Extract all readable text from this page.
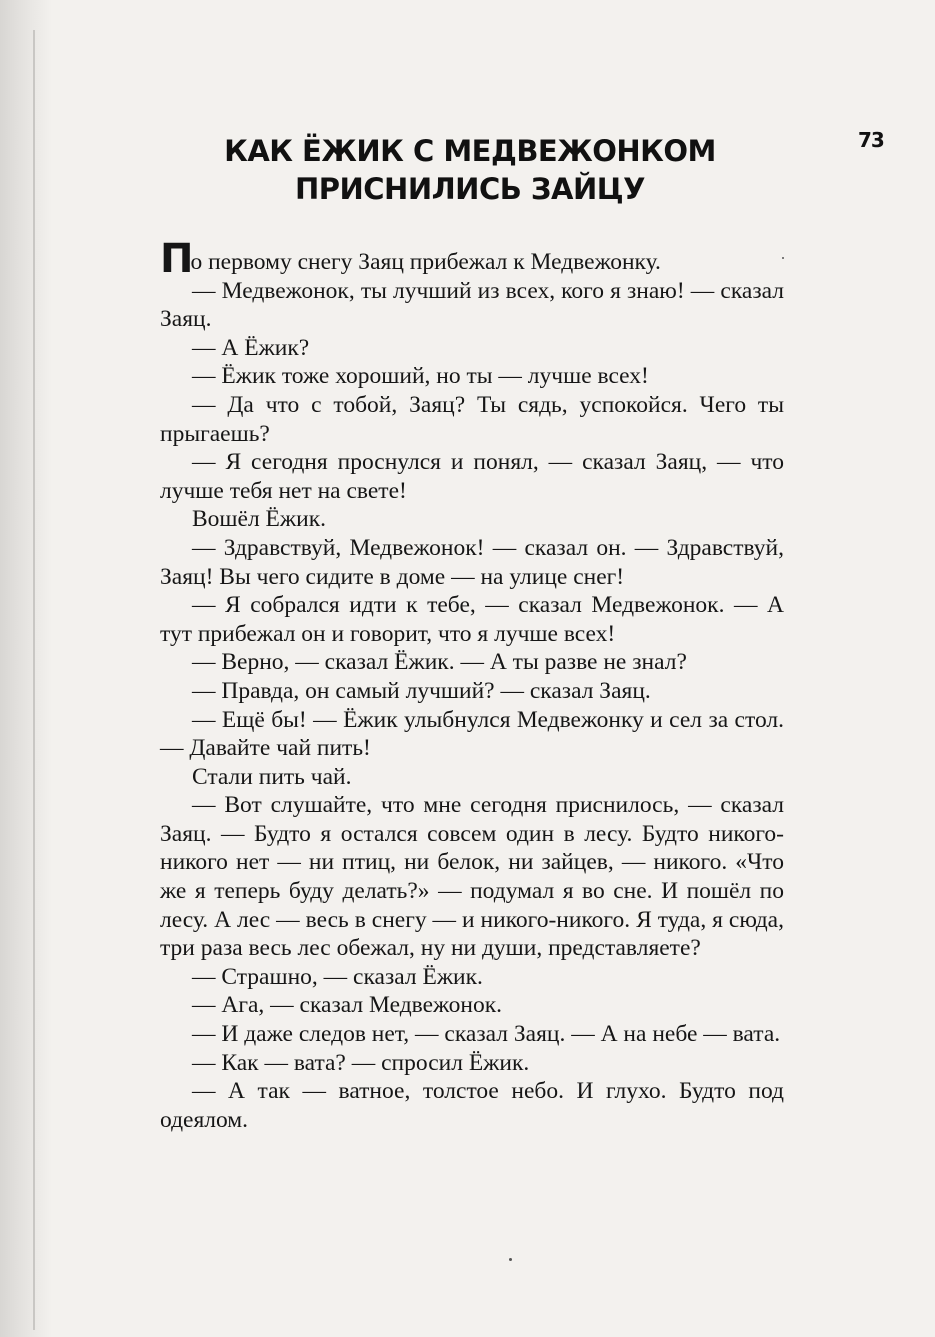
73
КАК ЁЖИК С МЕДВЕЖОНКОМ
ПРИСНИЛИСЬ ЗАЙЦУ

По первому снегу Заяц прибежал к Медвежонку.

— Медвежонок, ты лучший из всех, кого я знаю! — сказал Заяц.

— А Ёжик?

— Ёжик тоже хороший, но ты — лучше всех!

— Да что с тобой, Заяц? Ты сядь, успокойся. Чего ты прыгаешь?

— Я сегодня проснулся и понял, — сказал Заяц, — что лучше тебя нет на свете!

Вошёл Ёжик.

— Здравствуй, Медвежонок! — сказал он. — Здравствуй, Заяц! Вы чего сидите в доме — на улице снег!

— Я собрался идти к тебе, — сказал Медвежонок. — А тут прибежал он и говорит, что я лучше всех!

— Верно, — сказал Ёжик. — А ты разве не знал?

— Правда, он самый лучший? — сказал Заяц.

— Ещё бы! — Ёжик улыбнулся Медвежонку и сел за стол. — Давайте чай пить!

Стали пить чай.

— Вот слушайте, что мне сегодня приснилось, — сказал Заяц. — Будто я остался совсем один в лесу. Будто никого-никого нет — ни птиц, ни белок, ни зайцев, — никого. «Что же я теперь буду делать?» — подумал я во сне. И пошёл по лесу. А лес — весь в снегу — и никого-никого. Я туда, я сюда, три раза весь лес обежал, ну ни души, представляете?

— Страшно, — сказал Ёжик.

— Ага, — сказал Медвежонок.

— И даже следов нет, — сказал Заяц. — А на небе — вата.

— Как — вата? — спросил Ёжик.

— А так — ватное, толстое небо. И глухо. Будто под одеялом.
